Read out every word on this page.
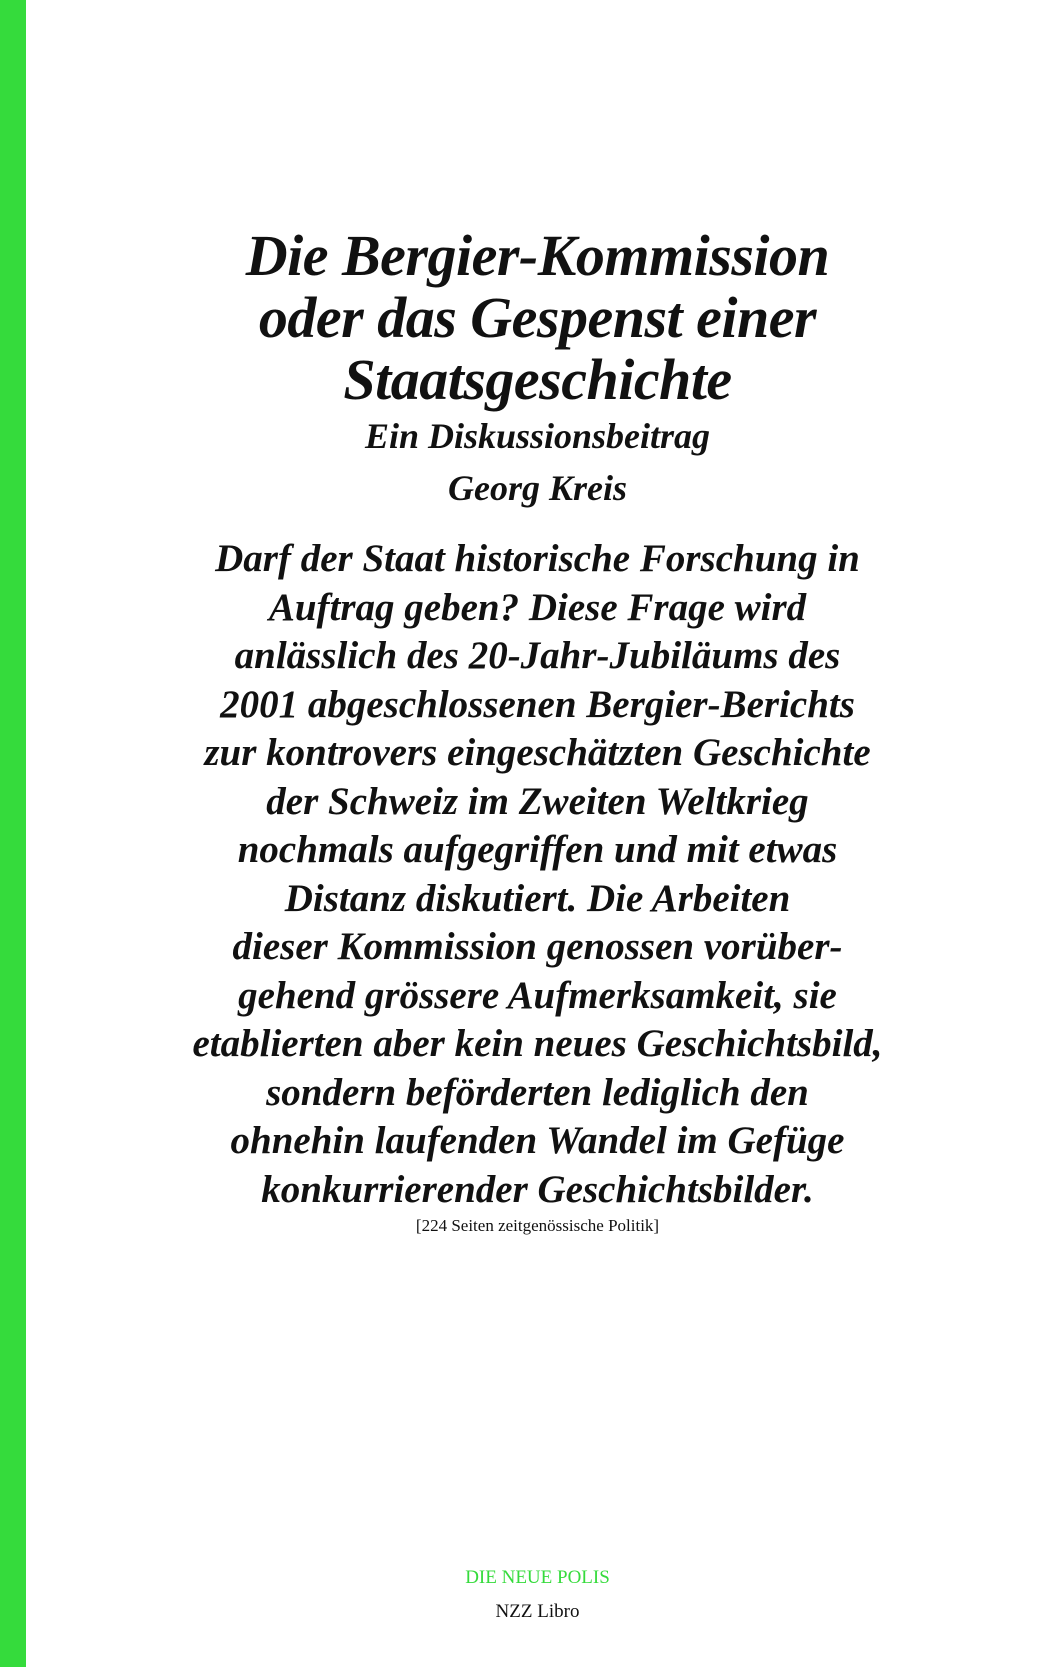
Die Bergier-Kommission
oder das Gespenst einer
Staatsgeschichte
Ein Diskussionsbeitrag
Georg Kreis
Darf der Staat historische Forschung in
Auftrag geben? Diese Frage wird
anlässlich des 20-Jahr-Jubiläums des
2001 abgeschlossenen Bergier-Berichts
zur kontrovers eingeschätzten Geschichte
der Schweiz im Zweiten Weltkrieg
nochmals aufgegriffen und mit etwas
Distanz diskutiert. Die Arbeiten
dieser Kommission genossen vorüber-
gehend grössere Aufmerksamkeit, sie
etablierten aber kein neues Geschichtsbild,
sondern beförderten lediglich den
ohnehin laufenden Wandel im Gefüge
konkurrierender Geschichtsbilder.
[224 Seiten zeitgenössische Politik]
DIE NEUE POLIS
NZZ Libro
